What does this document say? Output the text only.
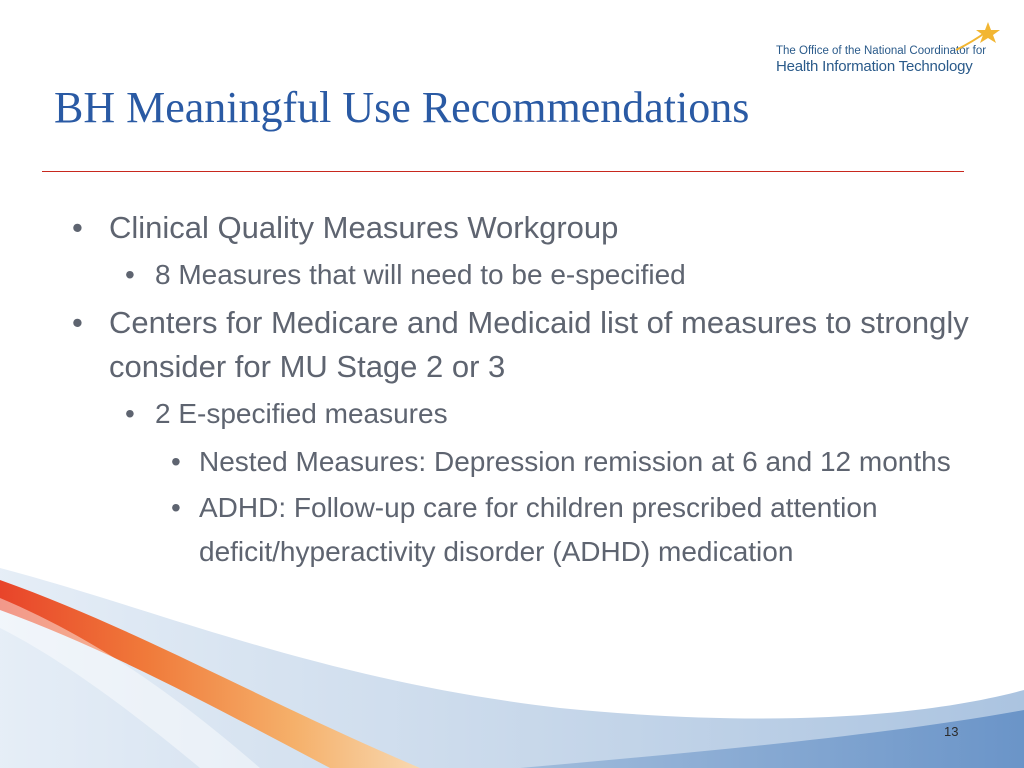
The Office of the National Coordinator for
Health Information Technology
BH Meaningful Use Recommendations
• Clinical Quality Measures Workgroup
• 8 Measures that will need to be e-specified
• Centers for Medicare and Medicaid list of measures to strongly consider for MU Stage 2 or 3
• 2 E-specified measures
• Nested Measures: Depression remission at 6 and 12 months
• ADHD: Follow-up care for children prescribed attention deficit/hyperactivity disorder (ADHD) medication
13
